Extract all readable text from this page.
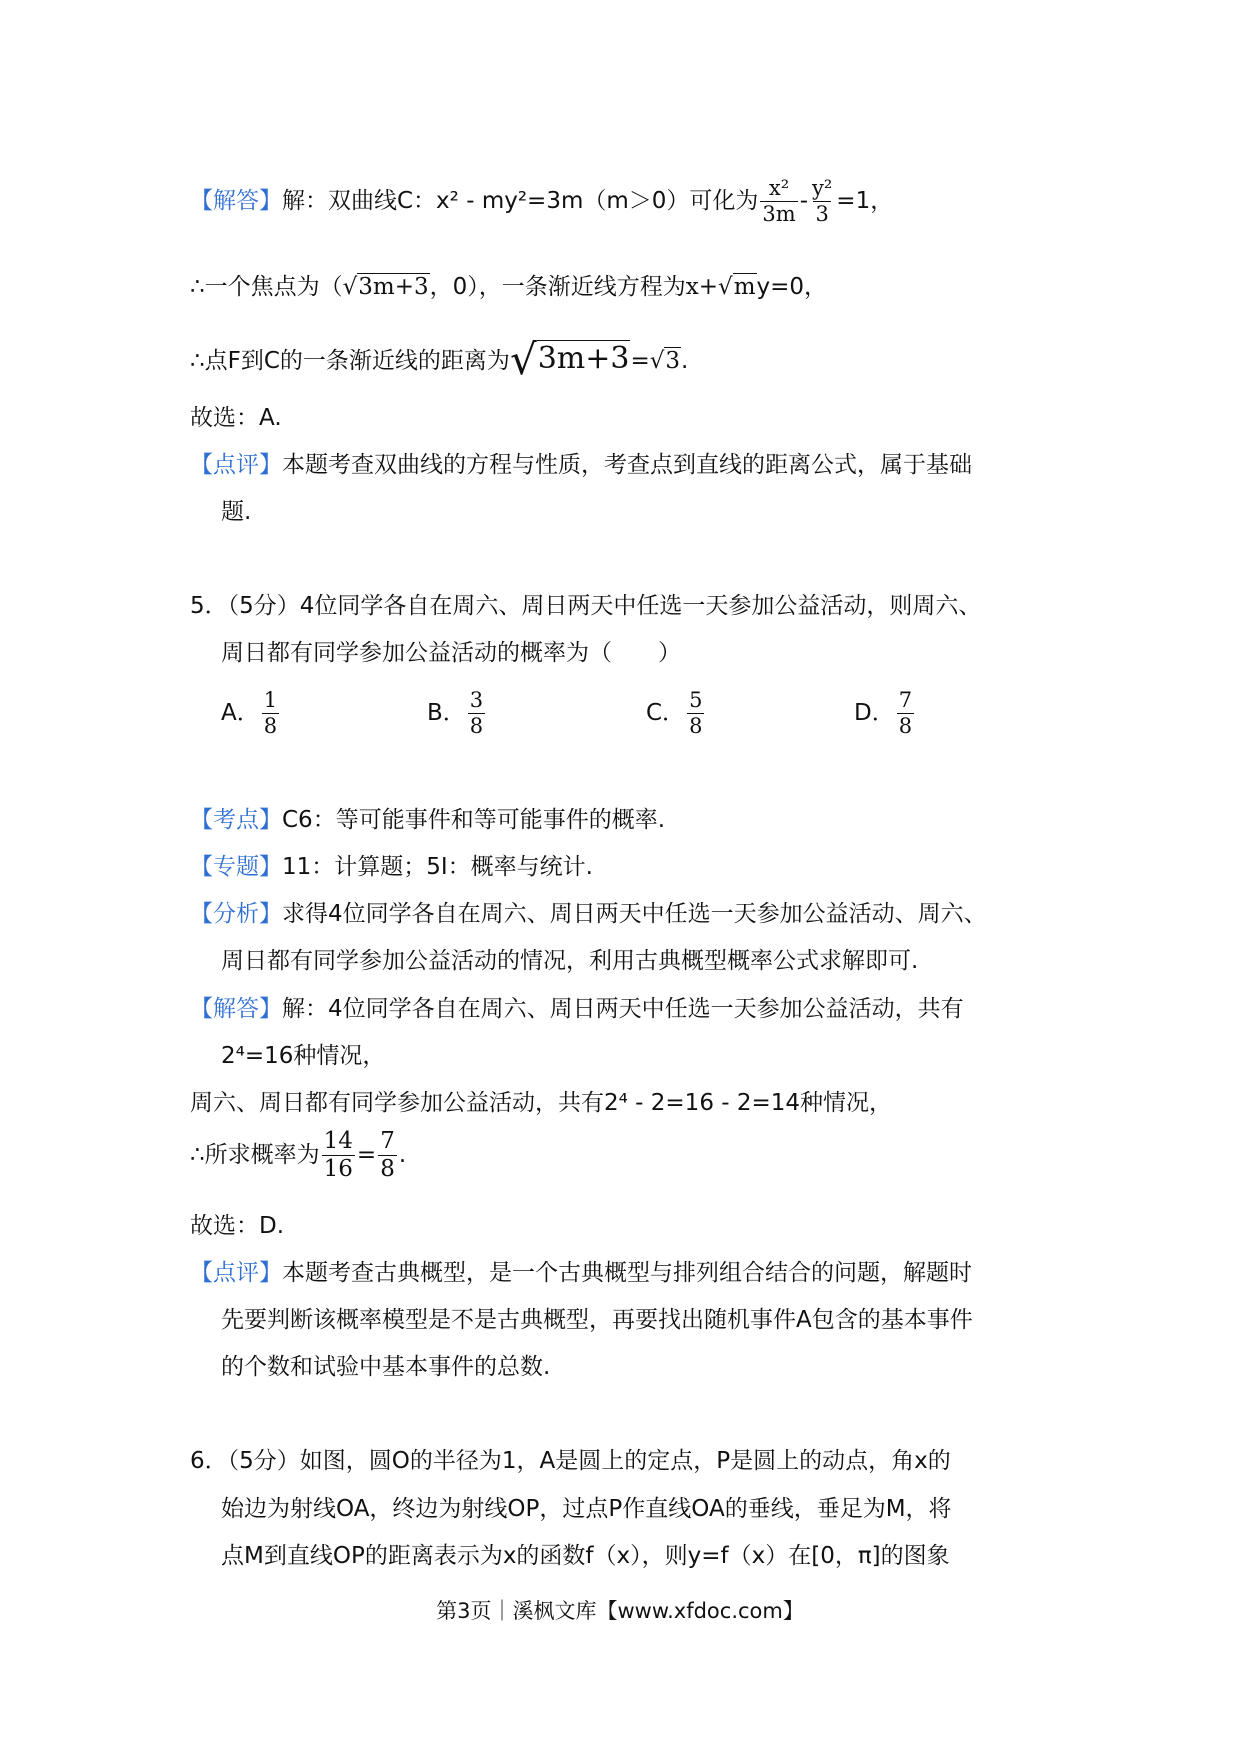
【解答】解：双曲线C：x² - my²=3m（m＞0）可化为 $\frac{\text{x²}}{3m} - \frac{\text{y²}}{3} =1$，
∴一个焦点为（√3m+3，0），一条渐近线方程为x+√my=0，
∴点F到C的一条渐近线的距离为√3m+3=√3.
故选：A.
【点评】本题考查双曲线的方程与性质，考查点到直线的距离公式，属于基础
题.
5．（5分）4位同学各自在周六、周日两天中任选一天参加公益活动，则周六、
周日都有同学参加公益活动的概率为（　　）
A． $\frac{1}{8}$	B． $\frac{3}{8}$	C． $\frac{5}{8}$	D． $\frac{7}{8}$
【考点】C6：等可能事件和等可能事件的概率.
【专题】11：计算题；5I：概率与统计.
【分析】求得4位同学各自在周六、周日两天中任选一天参加公益活动、周六、
周日都有同学参加公益活动的情况，利用古典概型概率公式求解即可.
【解答】解：4位同学各自在周六、周日两天中任选一天参加公益活动，共有
2⁴=16种情况，
周六、周日都有同学参加公益活动，共有2⁴ - 2=16 - 2=14种情况，
∴所求概率为 $\frac{14}{16} = \frac{7}{8}$ .
故选：D.
【点评】本题考查古典概型，是一个古典概型与排列组合结合的问题，解题时
先要判断该概率模型是不是古典概型，再要找出随机事件A包含的基本事件
的个数和试验中基本事件的总数.
6．（5分）如图，圆O的半径为1，A是圆上的定点，P是圆上的动点，角x的
始边为射线OA，终边为射线OP，过点P作直线OA的垂线，垂足为M，将
点M到直线OP的距离表示为x的函数f（x），则y=f（x）在[0，π]的图象
第3页｜溪枫文库【www.xfdoc.com】
